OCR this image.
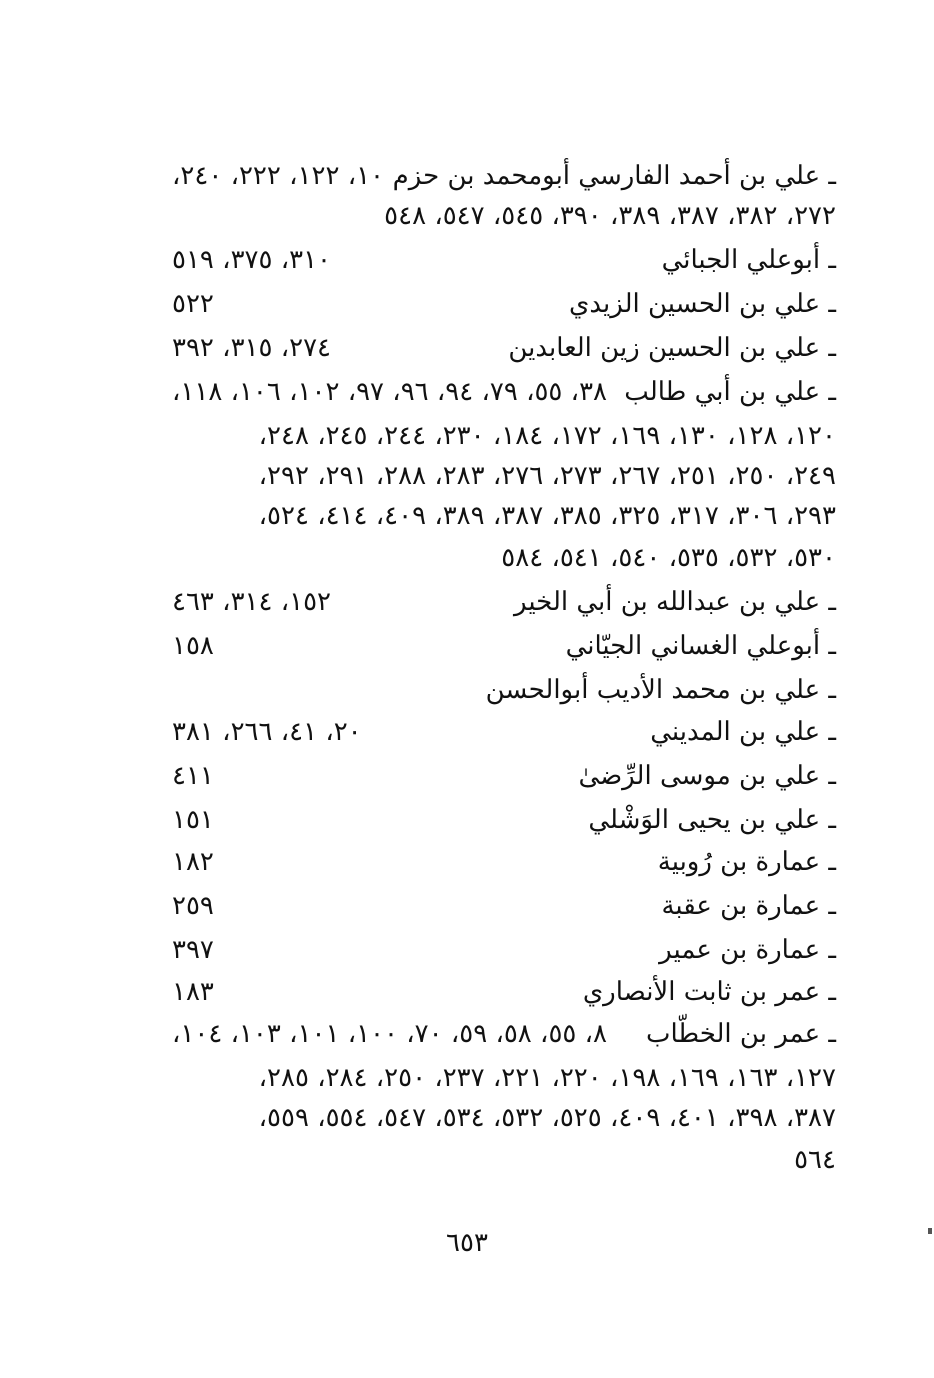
ـ علي بن أحمد الفارسي أبومحمد بن حزم
١٠، ١٢٢، ٢٢٢، ٢٤٠،
٢٧٢، ٣٨٢، ٣٨٧، ٣٨٩، ٣٩٠، ٥٤٥، ٥٤٧، ٥٤٨
ـ أبوعلي الجبائي
٣١٠، ٣٧٥، ٥١٩
ـ علي بن الحسين الزيدي
٥٢٢
ـ علي بن الحسين زين العابدين
٢٧٤، ٣١٥، ٣٩٢
ـ علي بن أبي طالب
٣٨، ٥٥، ٧٩، ٩٤، ٩٦، ٩٧، ١٠٢، ١٠٦، ١١٨،
١٢٠، ١٢٨، ١٣٠، ١٦٩، ١٧٢، ١٨٤، ٢٣٠، ٢٤٤، ٢٤٥، ٢٤٨،
٢٤٩، ٢٥٠، ٢٥١، ٢٦٧، ٢٧٣، ٢٧٦، ٢٨٣، ٢٨٨، ٢٩١، ٢٩٢،
٢٩٣، ٣٠٦، ٣١٧، ٣٢٥، ٣٨٥، ٣٨٧، ٣٨٩، ٤٠٩، ٤١٤، ٥٢٤،
٥٣٠، ٥٣٢، ٥٣٥، ٥٤٠، ٥٤١، ٥٨٤
ـ علي بن عبدالله بن أبي الخير
١٥٢، ٣١٤، ٤٦٣
ـ أبوعلي الغساني الجيّاني
١٥٨
ـ علي بن محمد الأديب أبوالحسن
ـ علي بن المديني
٢٠، ٤١، ٢٦٦، ٣٨١
ـ علي بن موسى الرِّضىٰ
٤١١
ـ علي بن يحيى الوَشْلي
١٥١
ـ عمارة بن رُوبية
١٨٢
ـ عمارة بن عقبة
٢٥٩
ـ عمارة بن عمير
٣٩٧
ـ عمر بن ثابت الأنصاري
١٨٣
ـ عمر بن الخطّاب
٨، ٥٥، ٥٨، ٥٩، ٧٠، ١٠٠، ١٠١، ١٠٣، ١٠٤،
١٢٧، ١٦٣، ١٦٩، ١٩٨، ٢٢٠، ٢٢١، ٢٣٧، ٢٥٠، ٢٨٤، ٢٨٥،
٣٨٧، ٣٩٨، ٤٠١، ٤٠٩، ٥٢٥، ٥٣٢، ٥٣٤، ٥٤٧، ٥٥٤، ٥٥٩،
٥٦٤
٦٥٣
